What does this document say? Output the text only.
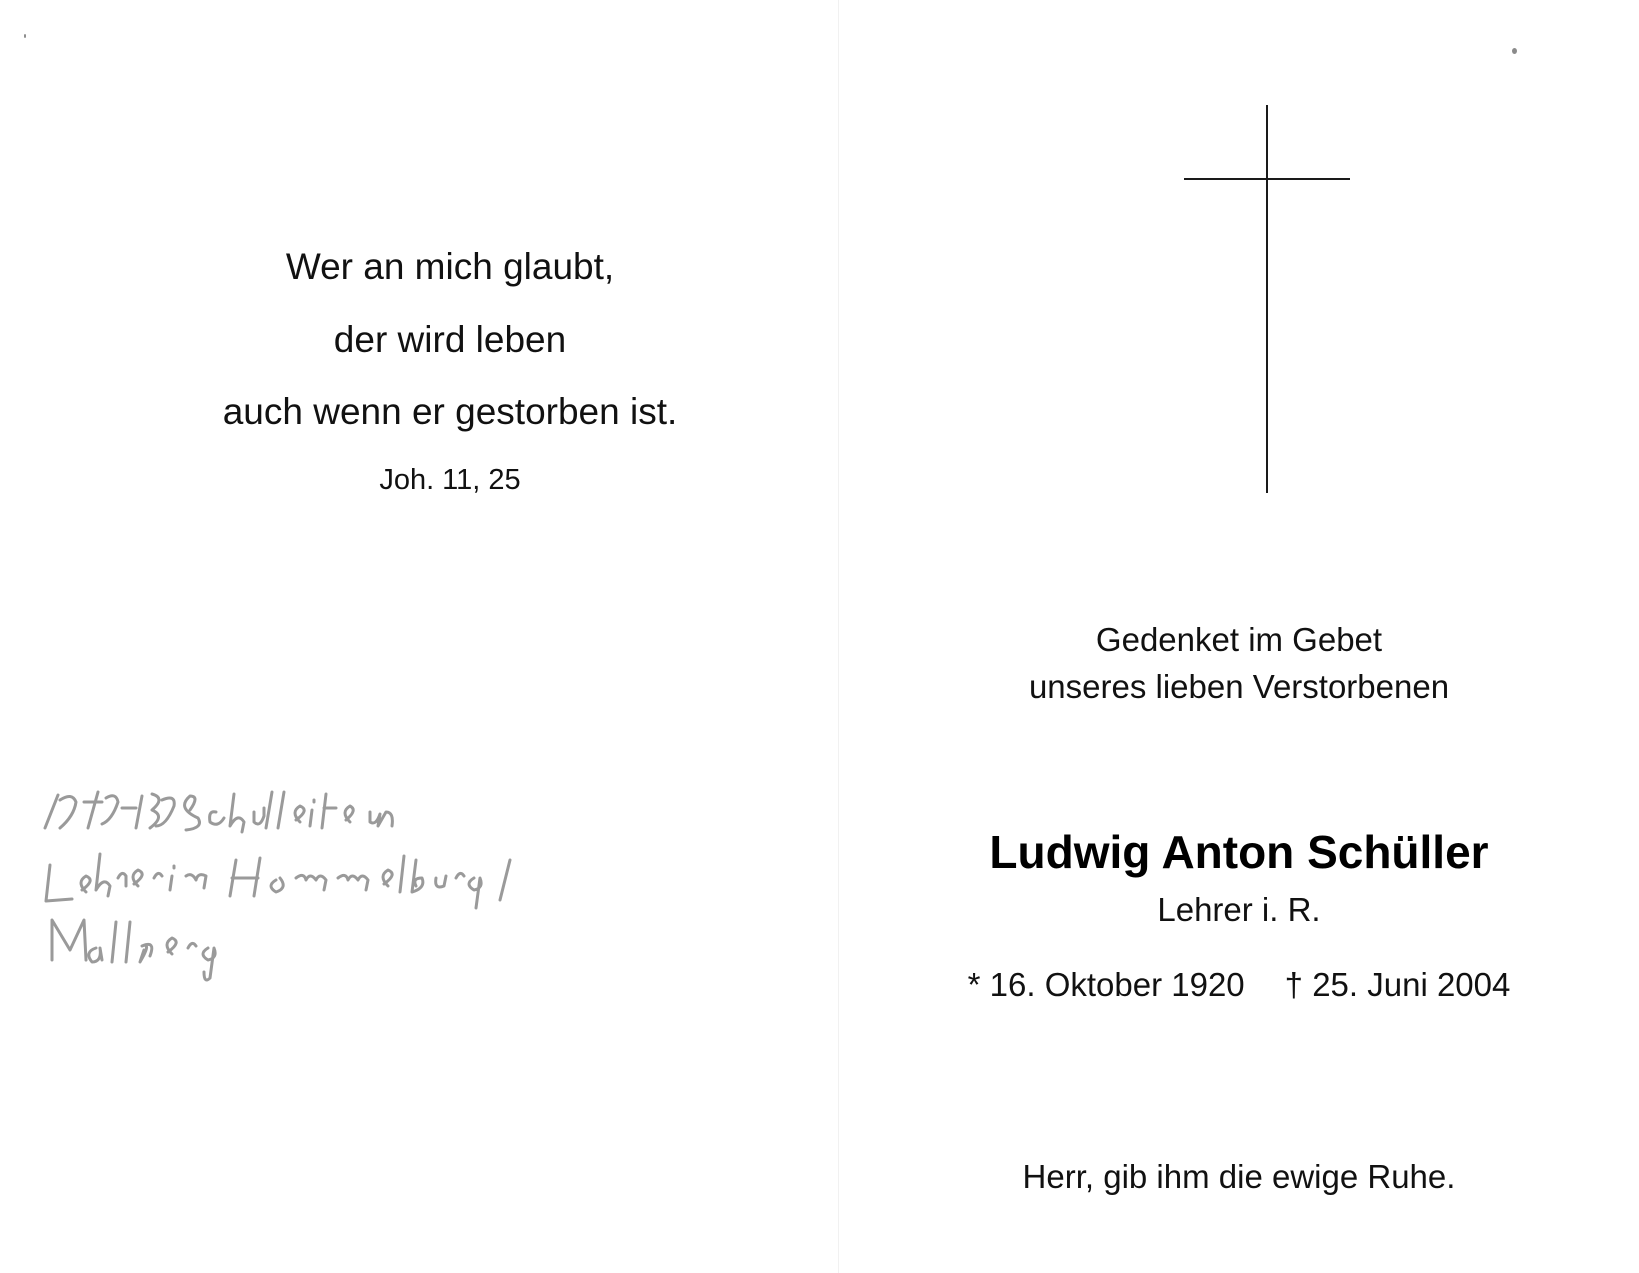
Wer an mich glaubt,
der wird leben
auch wenn er gestorben ist.
Joh. 11, 25
Gedenket im Gebet
unseres lieben Verstorbenen
Ludwig Anton Schüller
Lehrer i. R.
* 16. Oktober 1920 † 25. Juni 2004
Herr, gib ihm die ewige Ruhe.
